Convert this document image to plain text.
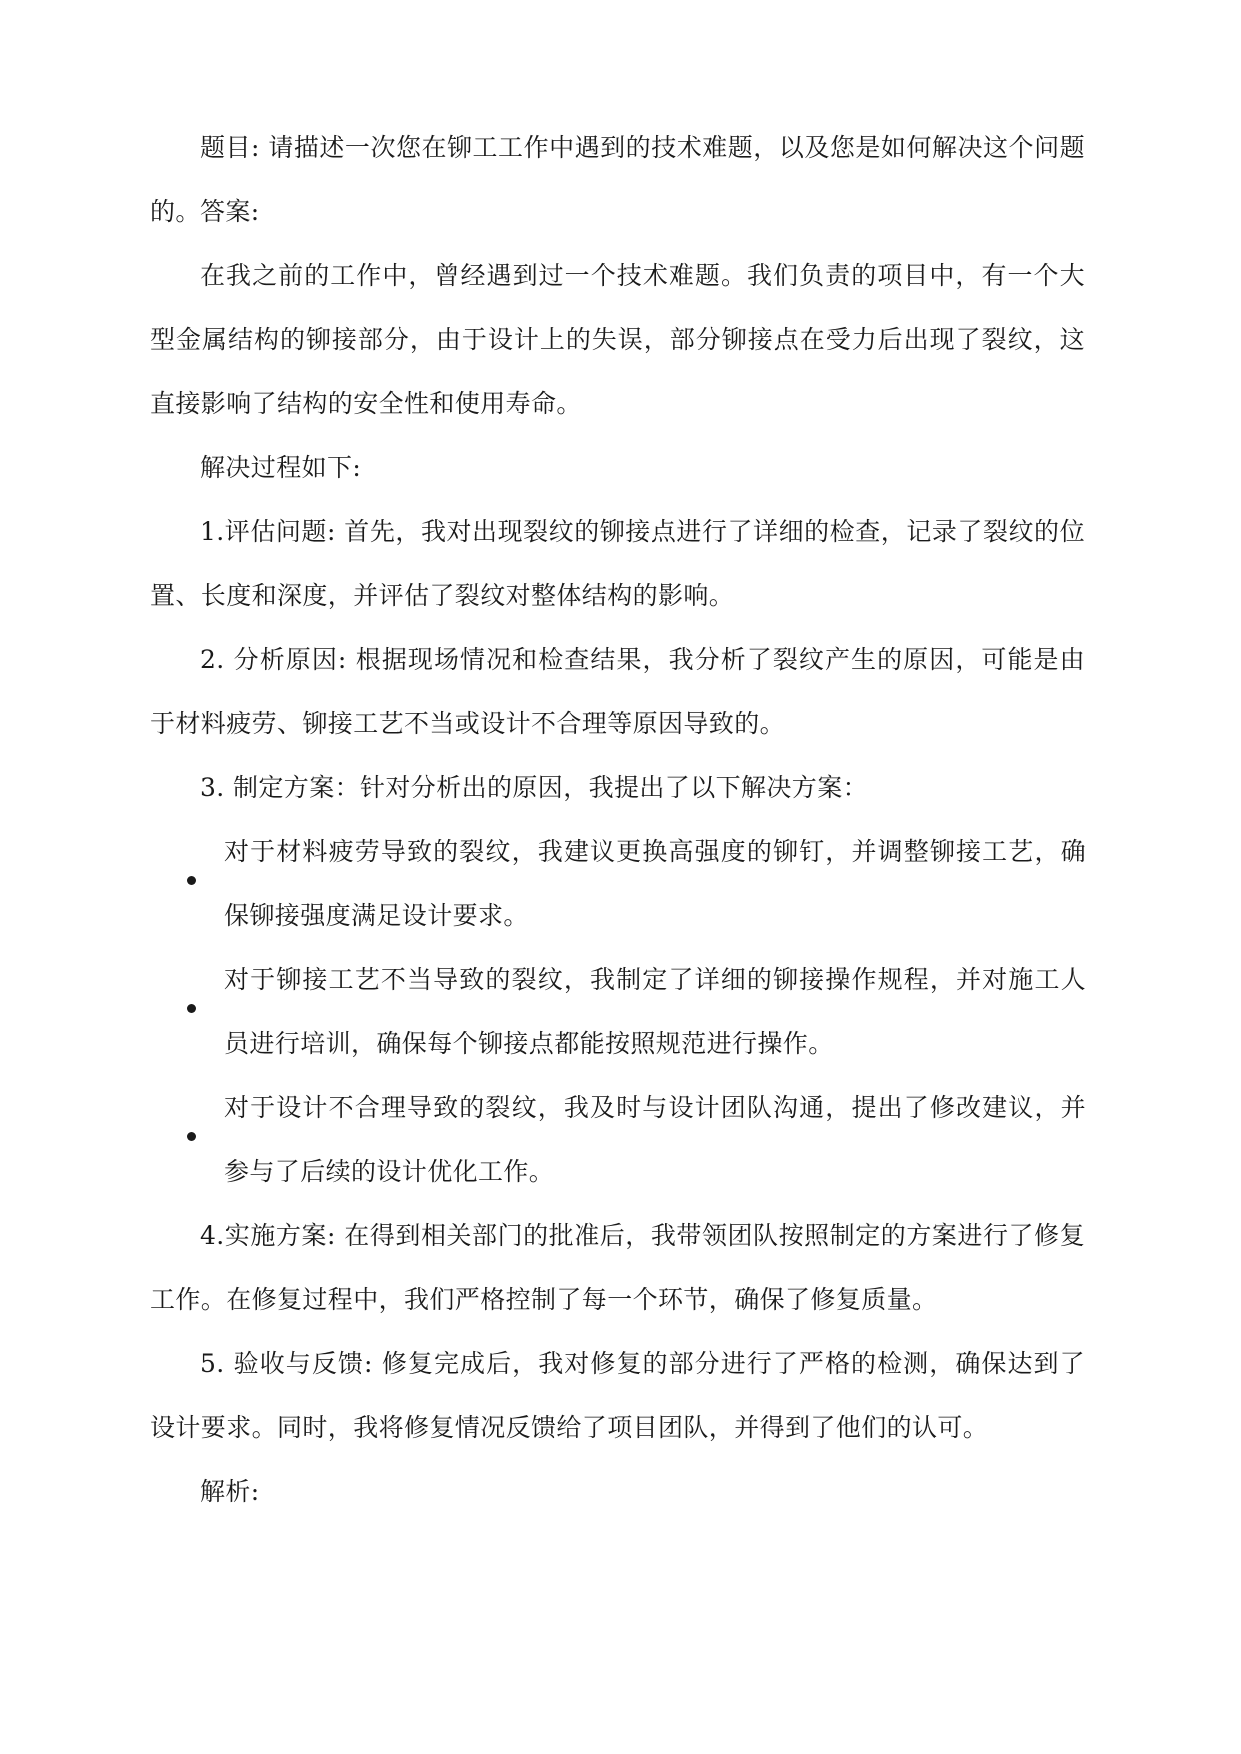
题目: 请描述一次您在铆工工作中遇到的技术难题，以及您是如何解决这个问题的。 答案:

在我之前的工作中，曾经遇到过一个技术难题。我们负责的项目中，有一个大型金属结构的铆接部分，由于设计上的失误，部分铆接点在受力后出现了裂纹，这直接影响了结构的安全性和使用寿命。

解决过程如下:

1.评估问题: 首先，我对出现裂纹的铆接点进行了详细的检查，记录了裂纹的位置、长度和深度，并评估了裂纹对整体结构的影响。

2. 分析原因: 根据现场情况和检查结果，我分析了裂纹产生的原因，可能是由于材料疲劳、铆接工艺不当或设计不合理等原因导致的。

3. 制定方案：针对分析出的原因，我提出了以下解决方案：

对于材料疲劳导致的裂纹，我建议更换高强度的铆钉，并调整铆接工艺，确保铆接强度满足设计要求。

对于铆接工艺不当导致的裂纹，我制定了详细的铆接操作规程，并对施工人员进行培训，确保每个铆接点都能按照规范进行操作。

对于设计不合理导致的裂纹，我及时与设计团队沟通，提出了修改建议，并参与了后续的设计优化工作。

4.实施方案: 在得到相关部门的批准后，我带领团队按照制定的方案进行了修复工作。在修复过程中，我们严格控制了每一个环节，确保了修复质量。

5. 验收与反馈: 修复完成后，我对修复的部分进行了严格的检测，确保达到了设计要求。同时，我将修复情况反馈给了项目团队，并得到了他们的认可。

解析:
